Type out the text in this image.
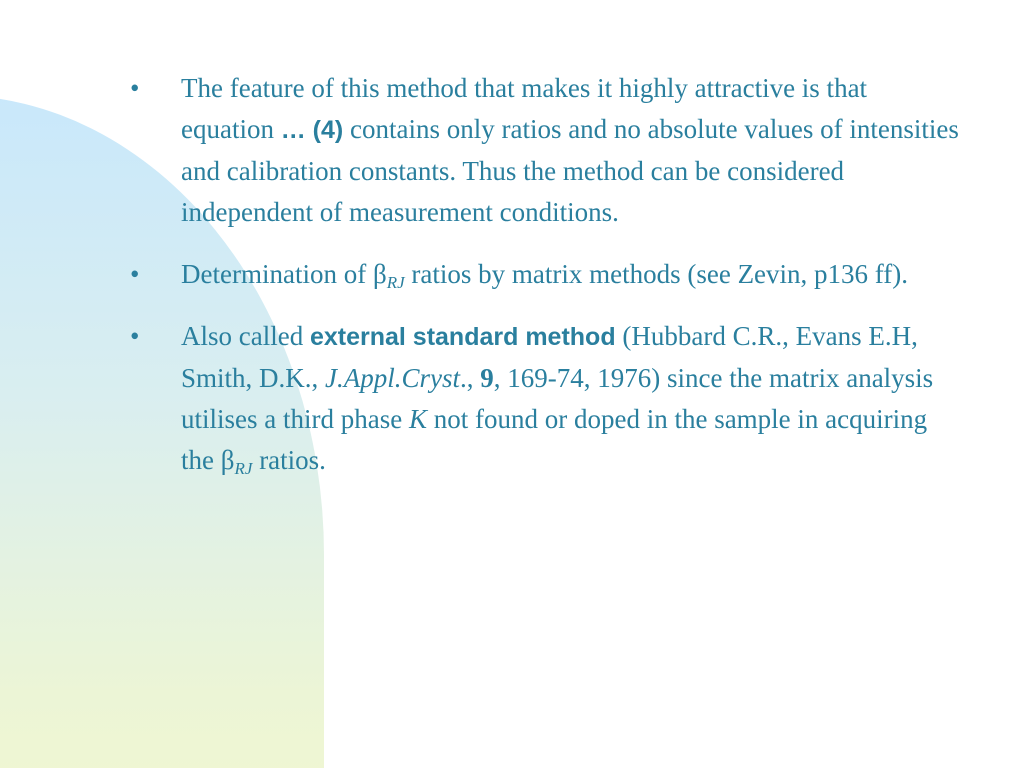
•	The feature of this method that makes it highly attractive is that equation … (4) contains only ratios and no absolute values of intensities and calibration constants. Thus the method can be considered independent of measurement conditions.
•	Determination of $\beta_{RJ}$ ratios by matrix methods (see Zevin, p136 ff).
•	Also called external standard method (Hubbard C.R., Evans E.H, Smith, D.K., J.Appl.Cryst., 9, 169-74, 1976) since the matrix analysis utilises a third phase K not found or doped in the sample in acquiring the $\beta_{RJ}$ ratios.
